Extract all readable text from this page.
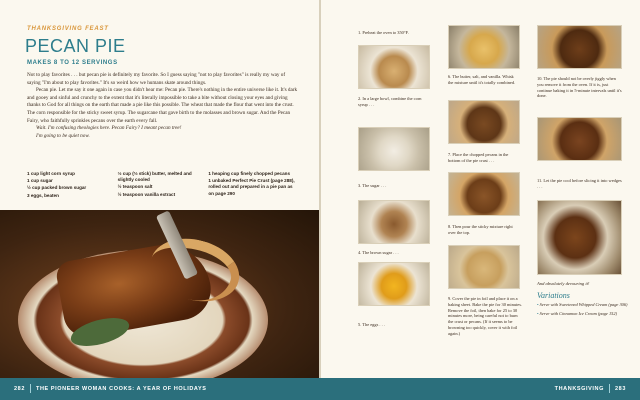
THANKSGIVING FEAST
PECAN PIE
MAKES 8 TO 12 SERVINGS

Not to play favorites . . . but pecan pie is definitely my favorite. So I guess saying "not to play favorites" is really my way of saying "I'm about to play favorites." It's so weird how we humans skate around things.

Pecan pie. Let me say it one again in case you didn't hear me: Pecan pie. There's nothing in the entire universe like it. It's dark and gooey and sinful and crunchy to the extent that it's literally impossible to take a bite without closing your eyes and giving thanks to God for all things on the earth that made a pie like this possible. The wheat that made the flour that went into the crust. The corn responsible for the sticky sweet syrup. The sugarcane that gave birth to the molasses and brown sugar. And the Pecan Fairy, who faithfully sprinkles pecans over the earth every fall.

Wait. I'm confusing theologies here. Pecan Fairy? I meant pecan tree!

I'm going to be quiet now.

1 cup light corn syrup
1 cup sugar
½ cup packed brown sugar
3 eggs, beaten
⅓ cup (⅔ stick) butter, melted and slightly cooled
½ teaspoon salt
½ teaspoon vanilla extract
1 heaping cup finely chopped pecans
1 unbaked Perfect Pie Crust (page 288), rolled out and prepared in a pie pan as on page 290
1. Preheat the oven to 350°F.
2. In a large bowl, combine the corn syrup . . .
3. The sugar . . .
4. The brown sugar . . .
5. The eggs . . .
6. The butter, salt, and vanilla. Whisk the mixture until it's totally combined.
7. Place the chopped pecans in the bottom of the pie crust . . .
8. Then pour the sticky mixture right over the top.
9. Cover the pie in foil and place it on a baking sheet. Bake the pie for 30 minutes. Remove the foil, then bake for 25 to 30 minutes more, being careful not to burn the crust or pecans. (If it seems to be browning too quickly, cover it with foil again.)
10. The pie should not be overly jiggly when you remove it from the oven. If it is, just continue baking it in 5-minute intervals until it's done.
11. Let the pie cool before slicing it into wedges . . .
And absolutely devouring it!
Variations
• Serve with Sweetened Whipped Cream (page 306)
• Serve with Cinnamon Ice Cream (page 152)
282 THE PIONEER WOMAN COOKS: A YEAR OF HOLIDAYS	THANKSGIVING 283
